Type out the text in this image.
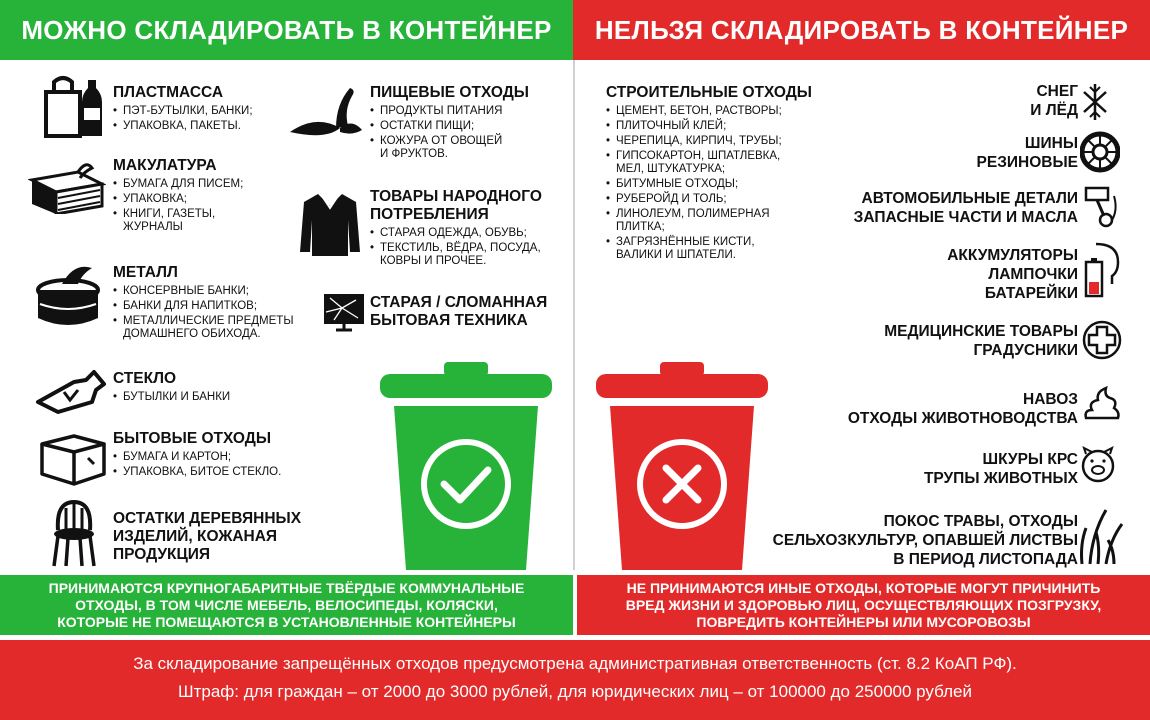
МОЖНО СКЛАДИРОВАТЬ В КОНТЕЙНЕР	НЕЛЬЗЯ СКЛАДИРОВАТЬ В КОНТЕЙНЕР
ПЛАСТМАССА
• ПЭТ-БУТЫЛКИ, БАНКИ;
• УПАКОВКА, ПАКЕТЫ.
МАКУЛАТУРА
• БУМАГА ДЛЯ ПИСЕМ;
• УПАКОВКА;
• КНИГИ, ГАЗЕТЫ,
ЖУРНАЛЫ
МЕТАЛЛ
• КОНСЕРВНЫЕ БАНКИ;
• БАНКИ ДЛЯ НАПИТКОВ;
• МЕТАЛЛИЧЕСКИЕ ПРЕДМЕТЫ
ДОМАШНЕГО ОБИХОДА.
СТЕКЛО
• БУТЫЛКИ И БАНКИ
БЫТОВЫЕ ОТХОДЫ
• БУМАГА И КАРТОН;
• УПАКОВКА, БИТОЕ СТЕКЛО.
ОСТАТКИ ДЕРЕВЯННЫХ
ИЗДЕЛИЙ, КОЖАНАЯ
ПРОДУКЦИЯ
ПИЩЕВЫЕ ОТХОДЫ
• ПРОДУКТЫ ПИТАНИЯ
• ОСТАТКИ ПИЩИ;
• КОЖУРА ОТ ОВОЩЕЙ
И ФРУКТОВ.
ТОВАРЫ НАРОДНОГО
ПОТРЕБЛЕНИЯ
• СТАРАЯ ОДЕЖДА, ОБУВЬ;
• ТЕКСТИЛЬ, ВЁДРА, ПОСУДА,
КОВРЫ И ПРОЧЕЕ.
СТАРАЯ / СЛОМАННАЯ
БЫТОВАЯ ТЕХНИКА
СТРОИТЕЛЬНЫЕ ОТХОДЫ
• ЦЕМЕНТ, БЕТОН, РАСТВОРЫ;
• ПЛИТОЧНЫЙ КЛЕЙ;
• ЧЕРЕПИЦА, КИРПИЧ, ТРУБЫ;
• ГИПСОКАРТОН, ШПАТЛЕВКА,
МЕЛ, ШТУКАТУРКА;
• БИТУМНЫЕ ОТХОДЫ;
• РУБЕРОЙД И ТОЛЬ;
• ЛИНОЛЕУМ, ПОЛИМЕРНАЯ
ПЛИТКА;
• ЗАГРЯЗНЁННЫЕ КИСТИ,
ВАЛИКИ И ШПАТЕЛИ.
СНЕГ
И ЛЁД
ШИНЫ
РЕЗИНОВЫЕ
АВТОМОБИЛЬНЫЕ ДЕТАЛИ
ЗАПАСНЫЕ ЧАСТИ И МАСЛА
АККУМУЛЯТОРЫ
ЛАМПОЧКИ
БАТАРЕЙКИ
МЕДИЦИНСКИЕ ТОВАРЫ
ГРАДУСНИКИ
НАВОЗ
ОТХОДЫ ЖИВОТНОВОДСТВА
ШКУРЫ КРС
ТРУПЫ ЖИВОТНЫХ
ПОКОС ТРАВЫ, ОТХОДЫ
СЕЛЬХОЗКУЛЬТУР, ОПАВШЕЙ ЛИСТВЫ
В ПЕРИОД ЛИСТОПАДА
ПРИНИМАЮТСЯ КРУПНОГАБАРИТНЫЕ ТВЁРДЫЕ КОММУНАЛЬНЫЕ
ОТХОДЫ, В ТОМ ЧИСЛЕ МЕБЕЛЬ, ВЕЛОСИПЕДЫ, КОЛЯСКИ,
КОТОРЫЕ НЕ ПОМЕЩАЮТСЯ В УСТАНОВЛЕННЫЕ КОНТЕЙНЕРЫ
НЕ ПРИНИМАЮТСЯ ИНЫЕ ОТХОДЫ, КОТОРЫЕ МОГУТ ПРИЧИНИТЬ
ВРЕД ЖИЗНИ И ЗДОРОВЬЮ ЛИЦ, ОСУЩЕСТВЛЯЮЩИХ ПОЗГРУЗКУ,
ПОВРЕДИТЬ КОНТЕЙНЕРЫ ИЛИ МУСОРОВОЗЫ
За складирование запрещённых отходов предусмотрена административная ответственность (ст. 8.2 КоАП РФ).
Штраф: для граждан – от 2000 до 3000 рублей, для юридических лиц – от 100000 до 250000 рублей
